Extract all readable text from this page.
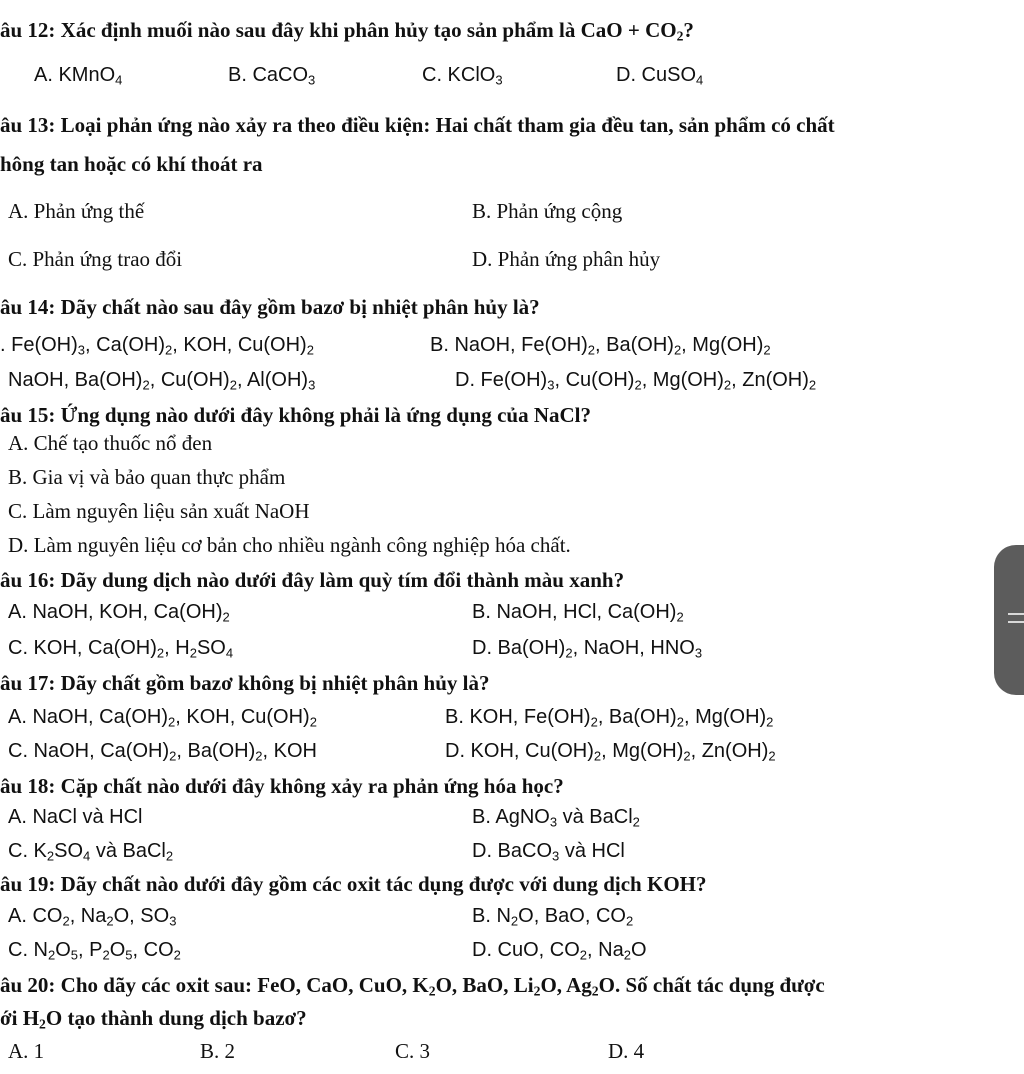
âu 12: Xác định muối nào sau đây khi phân hủy tạo sản phẩm là CaO + $CO_2$?
A. KMnO$_4$	B. CaCO$_3$	C. KClO$_3$	D. CuSO$_4$
âu 13: Loại phản ứng nào xảy ra theo điều kiện: Hai chất tham gia đều tan, sản phẩm có chất
hông tan hoặc có khí thoát ra
A. Phản ứng thế	B. Phản ứng cộng
C. Phản ứng trao đổi	D. Phản ứng phân hủy
âu 14: Dãy chất nào sau đây gồm bazơ bị nhiệt phân hủy là?
. $Fe(OH)_3$, $Ca(OH)_2$, KOH, $Cu(OH)_2$	B. NaOH, $Fe(OH)_2$, $Ba(OH)_2$, $Mg(OH)_2$
NaOH, $Ba(OH)_2$, $Cu(OH)_2$, $Al(OH)_3$	D. $Fe(OH)_3$, $Cu(OH)_2$, $Mg(OH)_2$, $Zn(OH)_2$
âu 15: Ứng dụng nào dưới đây không phải là ứng dụng của NaCl?
A. Chế tạo thuốc nổ đen
B. Gia vị và bảo quan thực phẩm
C. Làm nguyên liệu sản xuất NaOH
D. Làm nguyên liệu cơ bản cho nhiều ngành công nghiệp hóa chất.
âu 16: Dãy dung dịch nào dưới đây làm quỳ tím đổi thành màu xanh?
A. NaOH, KOH, $Ca(OH)_2$	B. NaOH, HCl, $Ca(OH)_2$
C. KOH, $Ca(OH)_2$, $H_2SO_4$	D. $Ba(OH)_2$, NaOH, $HNO_3$
âu 17: Dãy chất gồm bazơ không bị nhiệt phân hủy là?
A. NaOH, $Ca(OH)_2$, KOH, $Cu(OH)_2$	B. KOH, $Fe(OH)_2$, $Ba(OH)_2$, $Mg(OH)_2$
C. NaOH, $Ca(OH)_2$, $Ba(OH)_2$, KOH	D. KOH, $Cu(OH)_2$, $Mg(OH)_2$, $Zn(OH)_2$
âu 18: Cặp chất nào dưới đây không xảy ra phản ứng hóa học?
A. NaCl và HCl	B. AgNO$_3$ và BaCl$_2$
C. $K_2SO_4$ và BaCl$_2$	D. BaCO$_3$ và HCl
âu 19: Dãy chất nào dưới đây gồm các oxit tác dụng được với dung dịch KOH?
A. $CO_2$, $Na_2O$, $SO_3$	B. $N_2O$, BaO, $CO_2$
C. $N_2O_5$, $P_2O_5$, $CO_2$	D. CuO, $CO_2$, $Na_2O$
âu 20: Cho dãy các oxit sau: FeO, CaO, CuO, $K_2O$, BaO, $Li_2O$, $Ag_2O$. Số chất tác dụng được
ới $H_2O$ tạo thành dung dịch bazơ?
A. 1	B. 2	C. 3	D. 4
